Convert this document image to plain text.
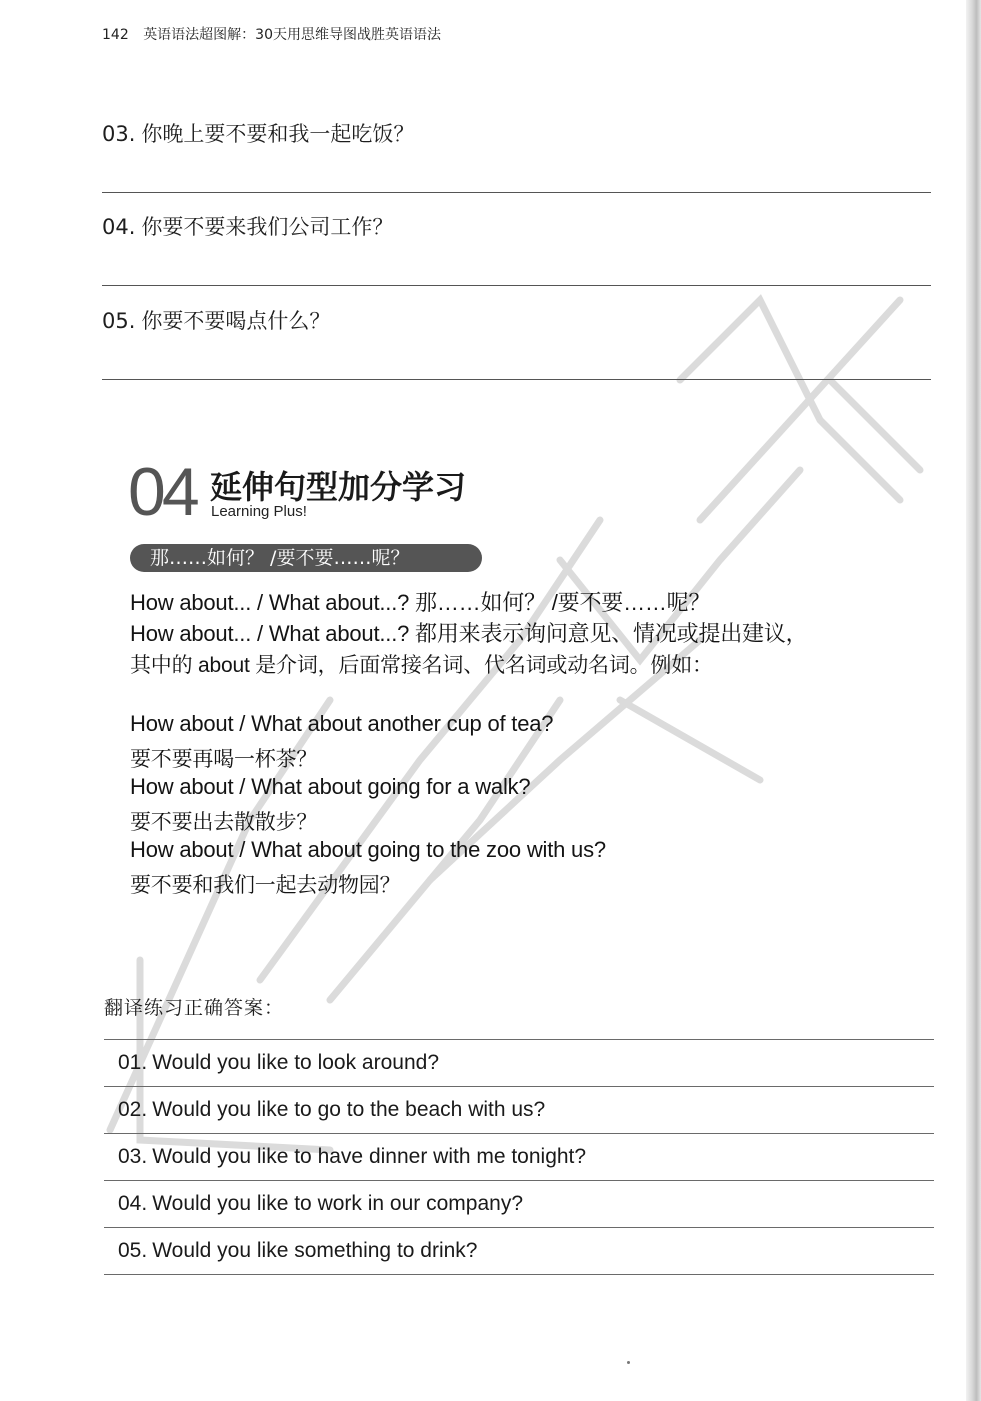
142 英语语法超图解：30天用思维导图战胜英语语法
03. 你晚上要不要和我一起吃饭？
04. 你要不要来我们公司工作？
05. 你要不要喝点什么？
04 延伸句型加分学习
Learning Plus!
那……如何？ /要不要……呢？
How about... / What about...? 那……如何？ /要不要……呢？
How about... / What about...? 都用来表示询问意见、情况或提出建议，
其中的 about 是介词，后面常接名词、代名词或动名词。例如：
How about / What about another cup of tea?
要不要再喝一杯茶？
How about / What about going for a walk?
要不要出去散散步？
How about / What about going to the zoo with us?
要不要和我们一起去动物园？
翻译练习正确答案：
01. Would you like to look around?
02. Would you like to go to the beach with us?
03. Would you like to have dinner with me tonight?
04. Would you like to work in our company?
05. Would you like something to drink?
